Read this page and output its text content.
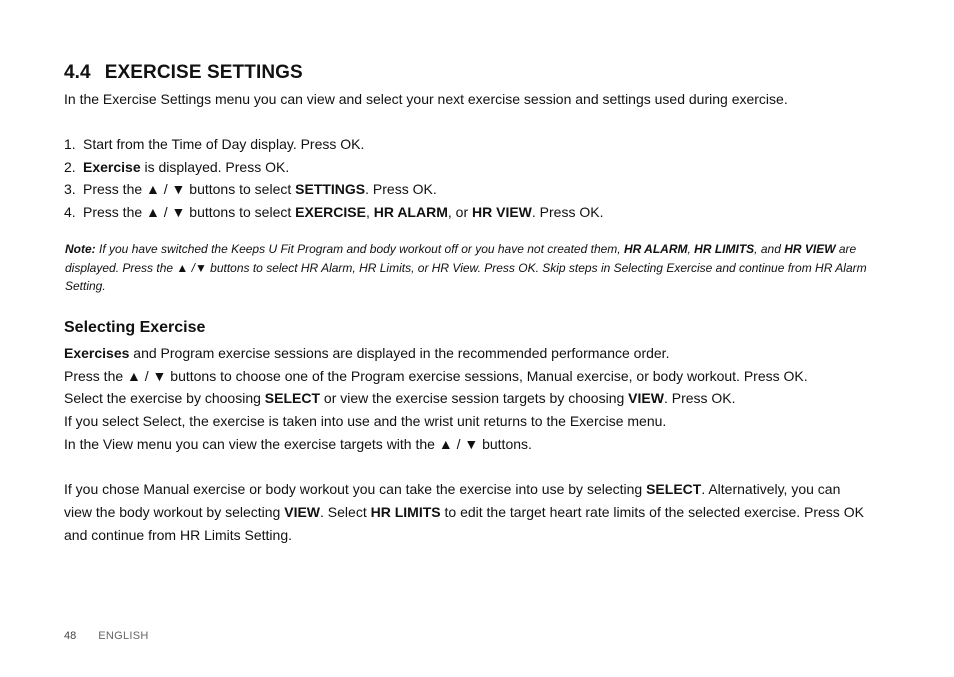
4.4 EXERCISE SETTINGS

In the Exercise Settings menu you can view and select your next exercise session and settings used during exercise.

1. Start from the Time of Day display. Press OK.
2. Exercise is displayed. Press OK.
3. Press the ▲ / ▼ buttons to select SETTINGS. Press OK.
4. Press the ▲ / ▼ buttons to select EXERCISE, HR ALARM, or HR VIEW. Press OK.

Note: If you have switched the Keeps U Fit Program and body workout off or you have not created them, HR ALARM, HR LIMITS, and HR VIEW are displayed. Press the ▲ /▼ buttons to select HR Alarm, HR Limits, or HR View. Press OK. Skip steps in Selecting Exercise and continue from HR Alarm Setting.

Selecting Exercise
Exercises and Program exercise sessions are displayed in the recommended performance order.
Press the ▲ / ▼ buttons to choose one of the Program exercise sessions, Manual exercise, or body workout. Press OK.
Select the exercise by choosing SELECT or view the exercise session targets by choosing VIEW. Press OK.
If you select Select, the exercise is taken into use and the wrist unit returns to the Exercise menu.
In the View menu you can view the exercise targets with the ▲ / ▼ buttons.

If you chose Manual exercise or body workout you can take the exercise into use by selecting SELECT. Alternatively, you can view the body workout by selecting VIEW. Select HR LIMITS to edit the target heart rate limits of the selected exercise. Press OK and continue from HR Limits Setting.

48 ENGLISH
